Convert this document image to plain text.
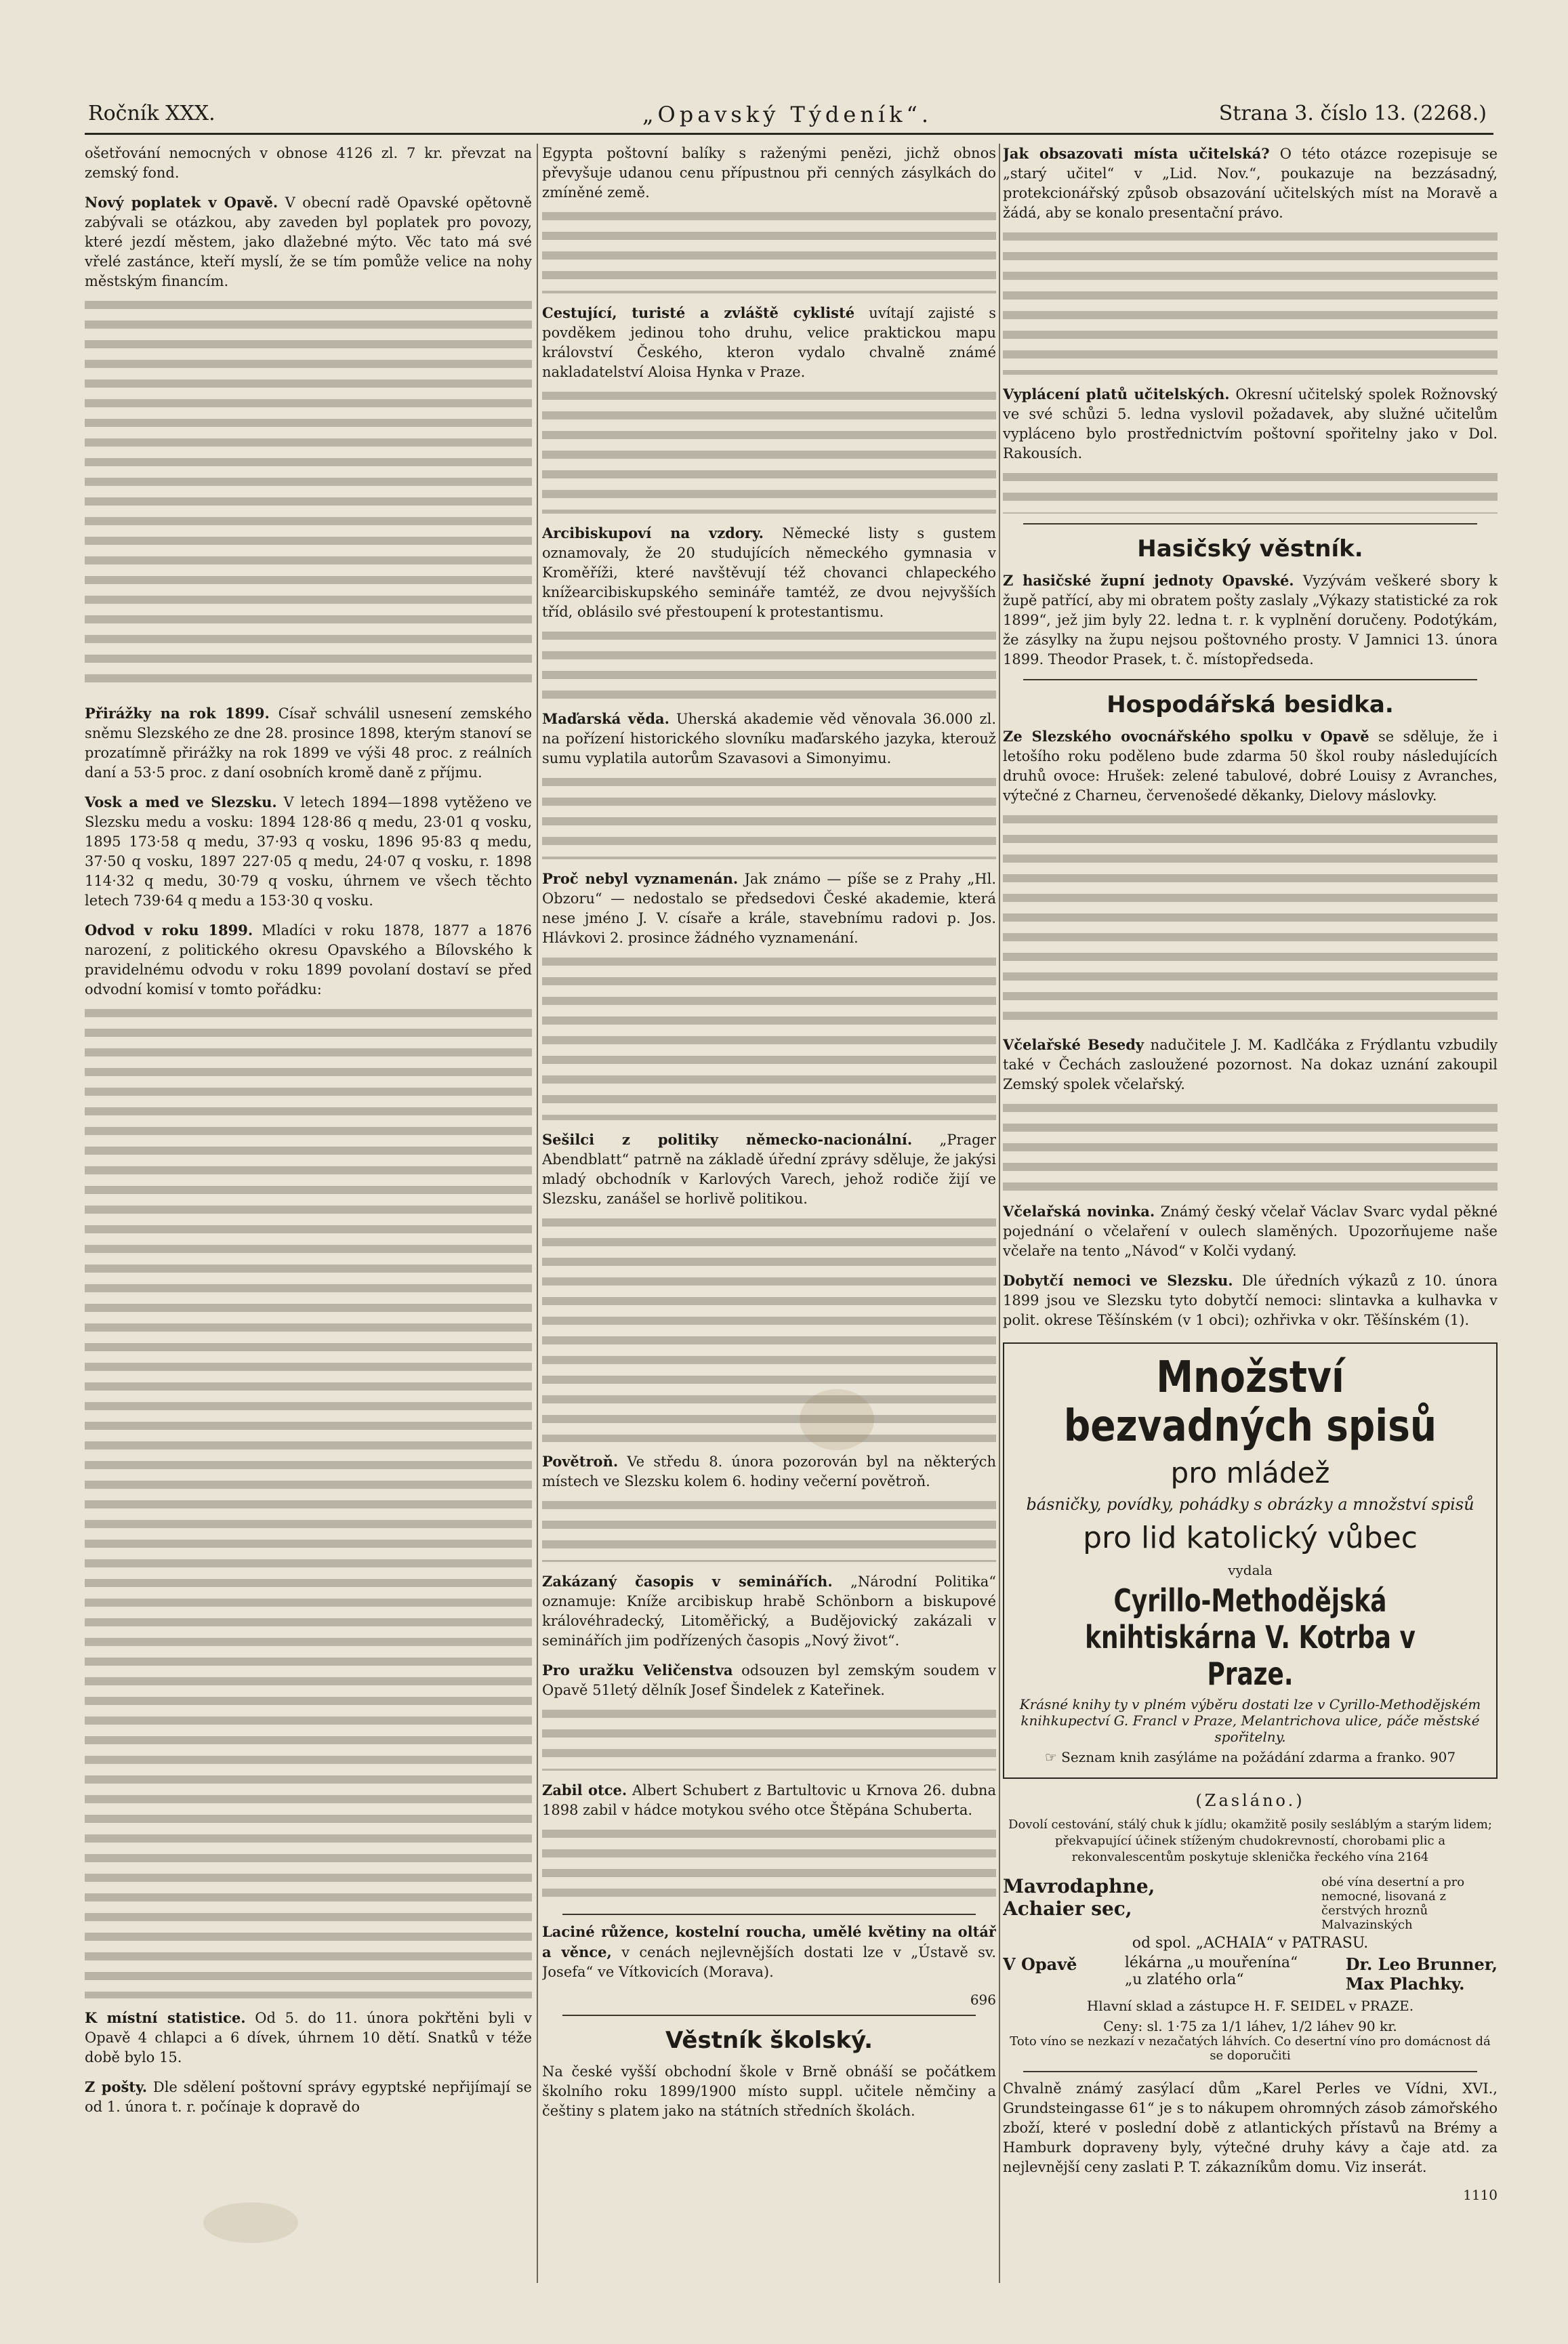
Ročník XXX.	„Opavský Týdeník“.	Strana 3. číslo 13. (2268.)

ošetřování nemocných v obnose 4126 zl. 7 kr. převzat na zemský fond.

Nový poplatek v Opavě. V obecní radě Opavské opětovně zabývali se otázkou, aby zaveden byl poplatek pro povozy, které jezdí městem, jako dlažebné mýto. Věc tato má své vřelé zastánce, kteří myslí, že se tím pomůže velice na nohy městským financím.

Přirážky na rok 1899. Císař schválil usnesení zemského sněmu Slezského ze dne 28. prosince 1898, kterým stanoví se prozatímně přirážky na rok 1899 ve výši 48 proc. z reálních daní a 53·5 proc. z daní osobních kromě daně z příjmu.

Vosk a med ve Slezsku. V letech 1894—1898 vytěženo ve Slezsku medu a vosku: 1894 128·86 q medu, 23·01 q vosku, 1895 173·58 q medu, 37·93 q vosku, 1896 95·83 q medu, 37·50 q vosku, 1897 227·05 q medu, 24·07 q vosku, r. 1898 114·32 q medu, 30·79 q vosku, úhrnem ve všech těchto letech 739·64 q medu a 153·30 q vosku.

Odvod v roku 1899. Mladíci v roku 1878, 1877 a 1876 narození, z politického okresu Opavského a Bílovského k pravidelnému odvodu v roku 1899 povolaní dostaví se před odvodní komisí v tomto pořádku:

K místní statistice. Od 5. do 11. února pokřtěni byli v Opavě 4 chlapci a 6 dívek, úhrnem 10 dětí. Snatků v téže době bylo 15.

Z pošty. Dle sdělení poštovní správy egyptské nepřijímají se od 1. února t. r. počínaje k dopravě do

Egypta poštovní balíky s raženými penězi, jichž obnos převyšuje udanou cenu přípustnou při cenných zásylkách do zmíněné země.

Cestující, turisté a zvláště cyklisté uvítají zajisté s povděkem jedinou toho druhu, velice praktickou mapu království Českého, kteron vydalo chvalně známé nakladatelství Aloisa Hynka v Praze.

Arcibiskupoví na vzdory. Německé listy s gustem oznamovaly, že 20 studujících německého gymnasia v Kroměříži, které navštěvují též chovanci chlapeckého knížearcibiskupského semináře tamtéž, ze dvou nejvyšších tříd, oblásilo své přestoupení k protestantismu.

Maďarská věda. Uherská akademie věd věnovala 36.000 zl. na pořízení historického slovníku maďarského jazyka, kterouž sumu vyplatila autorům Szavasovi a Simonyimu.

Proč nebyl vyznamenán. Jak známo — píše se z Prahy „Hl. Obzoru“ — nedostalo se předsedovi České akademie, která nese jméno J. V. císaře a krále, stavebnímu radovi p. Jos. Hlávkovi 2. prosince žádného vyznamenání.

Sešilci z politiky německo-nacionální. „Prager Abendblatt“ patrně na základě úřední zprávy sděluje, že jakýsi mladý obchodník v Karlových Varech, jehož rodiče žijí ve Slezsku, zanášel se horlivě politikou.

Povětroň. Ve středu 8. února pozorován byl na některých místech ve Slezsku kolem 6. hodiny večerní povětroň.

Zakázaný časopis v seminářích. „Národní Politika“ oznamuje: Kníže arcibiskup hrabě Schönborn a biskupové královéhradecký, Litoměřický, a Budějovický zakázali v seminářích jim podřízených časopis „Nový život“.

Pro uražku Veličenstva odsouzen byl zemským soudem v Opavě 51letý dělník Josef Šindelek z Kateřinek.

Zabil otce. Albert Schubert z Bartultovic u Krnova 26. dubna 1898 zabil v hádce motykou svého otce Štěpána Schuberta.

Laciné růžence, kostelní roucha, umělé květiny na oltář a věnce, v cenách nejlevnějších dostati lze v „Ústavě sv. Josefa“ ve Vítkovicích (Morava).

696
Věstník školský.

Na české vyšší obchodní škole v Brně obnáší se počátkem školního roku 1899/1900 místo suppl. učitele němčiny a češtiny s platem jako na státních středních školách.

Jak obsazovati místa učitelská? O této otázce rozepisuje se „starý učitel“ v „Lid. Nov.“, poukazuje na bezzásadný, protekcionářský způsob obsazování učitelských míst na Moravě a žádá, aby se konalo presentační právo.

Vyplácení platů učitelských. Okresní učitelský spolek Rožnovský ve své schůzi 5. ledna vyslovil požadavek, aby služné učitelům vypláceno bylo prostřednictvím poštovní spořitelny jako v Dol. Rakousích.

Hasičský věstník.

Z hasičské župní jednoty Opavské. Vyzývám veškeré sbory k župě patřící, aby mi obratem pošty zaslaly „Výkazy statistické za rok 1899“, jež jim byly 22. ledna t. r. k vyplnění doručeny. Podotýkám, že zásylky na župu nejsou poštovného prosty. V Jamnici 13. února 1899. Theodor Prasek, t. č. místopředseda.

Hospodářská besidka.

Ze Slezského ovocnářského spolku v Opavě se sděluje, že i letošího roku poděleno bude zdarma 50 škol rouby následujících druhů ovoce: Hrušek: zelené tabulové, dobré Louisy z Avranches, výtečné z Charneu, červenošedé děkanky, Dielovy máslovky.

Včelařské Besedy nadučitele J. M. Kadlčáka z Frýdlantu vzbudily také v Čechách zasloužené pozornost. Na dokaz uznání zakoupil Zemský spolek včelařský.

Včelařská novinka. Známý český včelař Václav Svarc vydal pěkné pojednání o včelaření v oulech slaměných. Upozorňujeme naše včelaře na tento „Návod“ v Kolči vydaný.

Dobytčí nemoci ve Slezsku. Dle úředních výkazů z 10. února 1899 jsou ve Slezsku tyto dobytčí nemoci: slintavka a kulhavka v polit. okrese Těšínském (v 1 obci); ozhřivka v okr. Těšínském (1).

Množství bezvadných spisů
pro mládež
básničky, povídky, pohádky s obrázky a množství spisů
pro lid katolický vůbec
vydala
Cyrillo-Methodějská knihtiskárna V. Kotrba v Praze.
Krásné knihy ty v plném výběru dostati lze v Cyrillo-Methodějském knihkupectví G. Francl v Praze, Melantrichova ulice, páče městské spořitelny.
☞ Seznam knih zasýláme na požádání zdarma a franko. 907
(Zasláno.)

Dovolí cestování, stálý chuk k jídlu; okamžitě posily sesláblým a starým lidem; překvapující účinek stíženým chudokrevností, chorobami plic a rekonvalescentům poskytuje sklenička řeckého vína 2164

Mavrodaphne,
Achaier sec,
obé vína desertní a pro nemocné, lisovaná z čerstvých hroznů Malvazinských
od spol. „ACHAIA“ v PATRASU.
V Opavě	lékárna „u mouřenína“
„u zlatého orla“
Dr. Leo Brunner,
Max Plachky.
Hlavní sklad a zástupce H. F. SEIDEL v PRAZE.
Ceny: sl. 1·75 za 1/1 láhev, 1/2 láhev 90 kr.
Toto víno se nezkazí v nezačatých láhvích. Co desertní víno pro domácnost dá se doporučiti

Chvalně známý zasýlací dům „Karel Perles ve Vídni, XVI., Grundsteingasse 61“ je s to nákupem ohromných zásob zámořského zboží, které v poslední době z atlantických přístavů na Brémy a Hamburk dopraveny byly, výtečné druhy kávy a čaje atd. za nejlevnější ceny zaslati P. T. zákazníkům domu. Viz inserát.

1110
